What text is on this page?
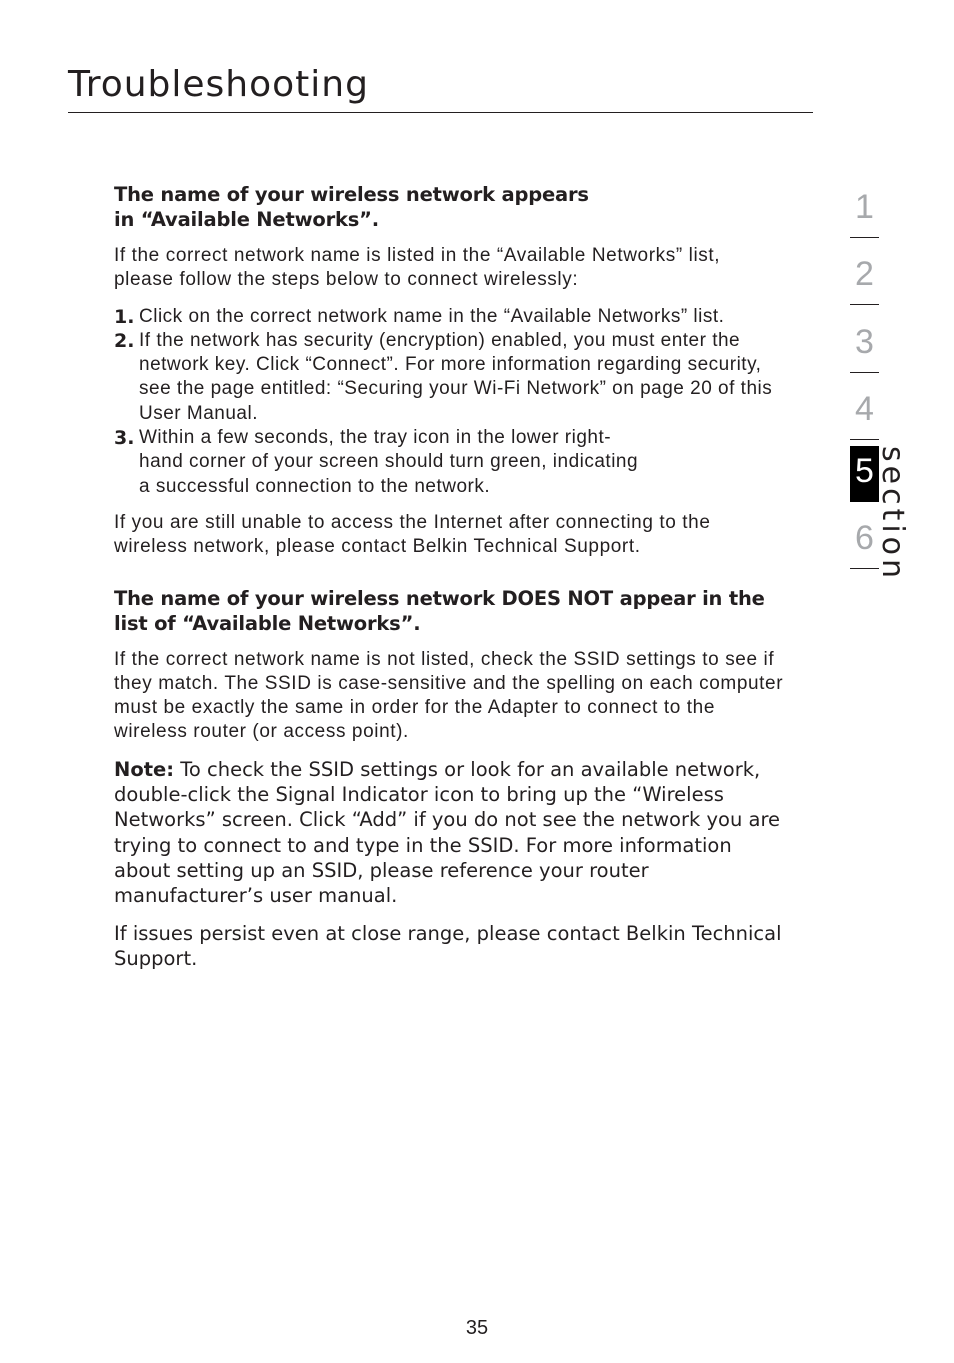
Troubleshooting

The name of your wireless network appears in “Available Networks”.

If the correct network name is listed in the “Available Networks” list, please follow the steps below to connect wirelessly:

1. Click on the correct network name in the “Available Networks” list.
2. If the network has security (encryption) enabled, you must enter the network key. Click “Connect”. For more information regarding security, see the page entitled: “Securing your Wi-Fi Network” on page 20 of this User Manual.
3. Within a few seconds, the tray icon in the lower right-hand corner of your screen should turn green, indicating a successful connection to the network.

If you are still unable to access the Internet after connecting to the wireless network, please contact Belkin Technical Support.

The name of your wireless network DOES NOT appear in the list of “Available Networks”.

If the correct network name is not listed, check the SSID settings to see if they match. The SSID is case-sensitive and the spelling on each computer must be exactly the same in order for the Adapter to connect to the wireless router (or access point).

Note: To check the SSID settings or look for an available network, double-click the Signal Indicator icon to bring up the “Wireless Networks” screen. Click “Add” if you do not see the network you are trying to connect to and type in the SSID. For more information about setting up an SSID, please reference your router manufacturer’s user manual.

If issues persist even at close range, please contact Belkin Technical Support.

1
2
3
4
5
6 section
35
